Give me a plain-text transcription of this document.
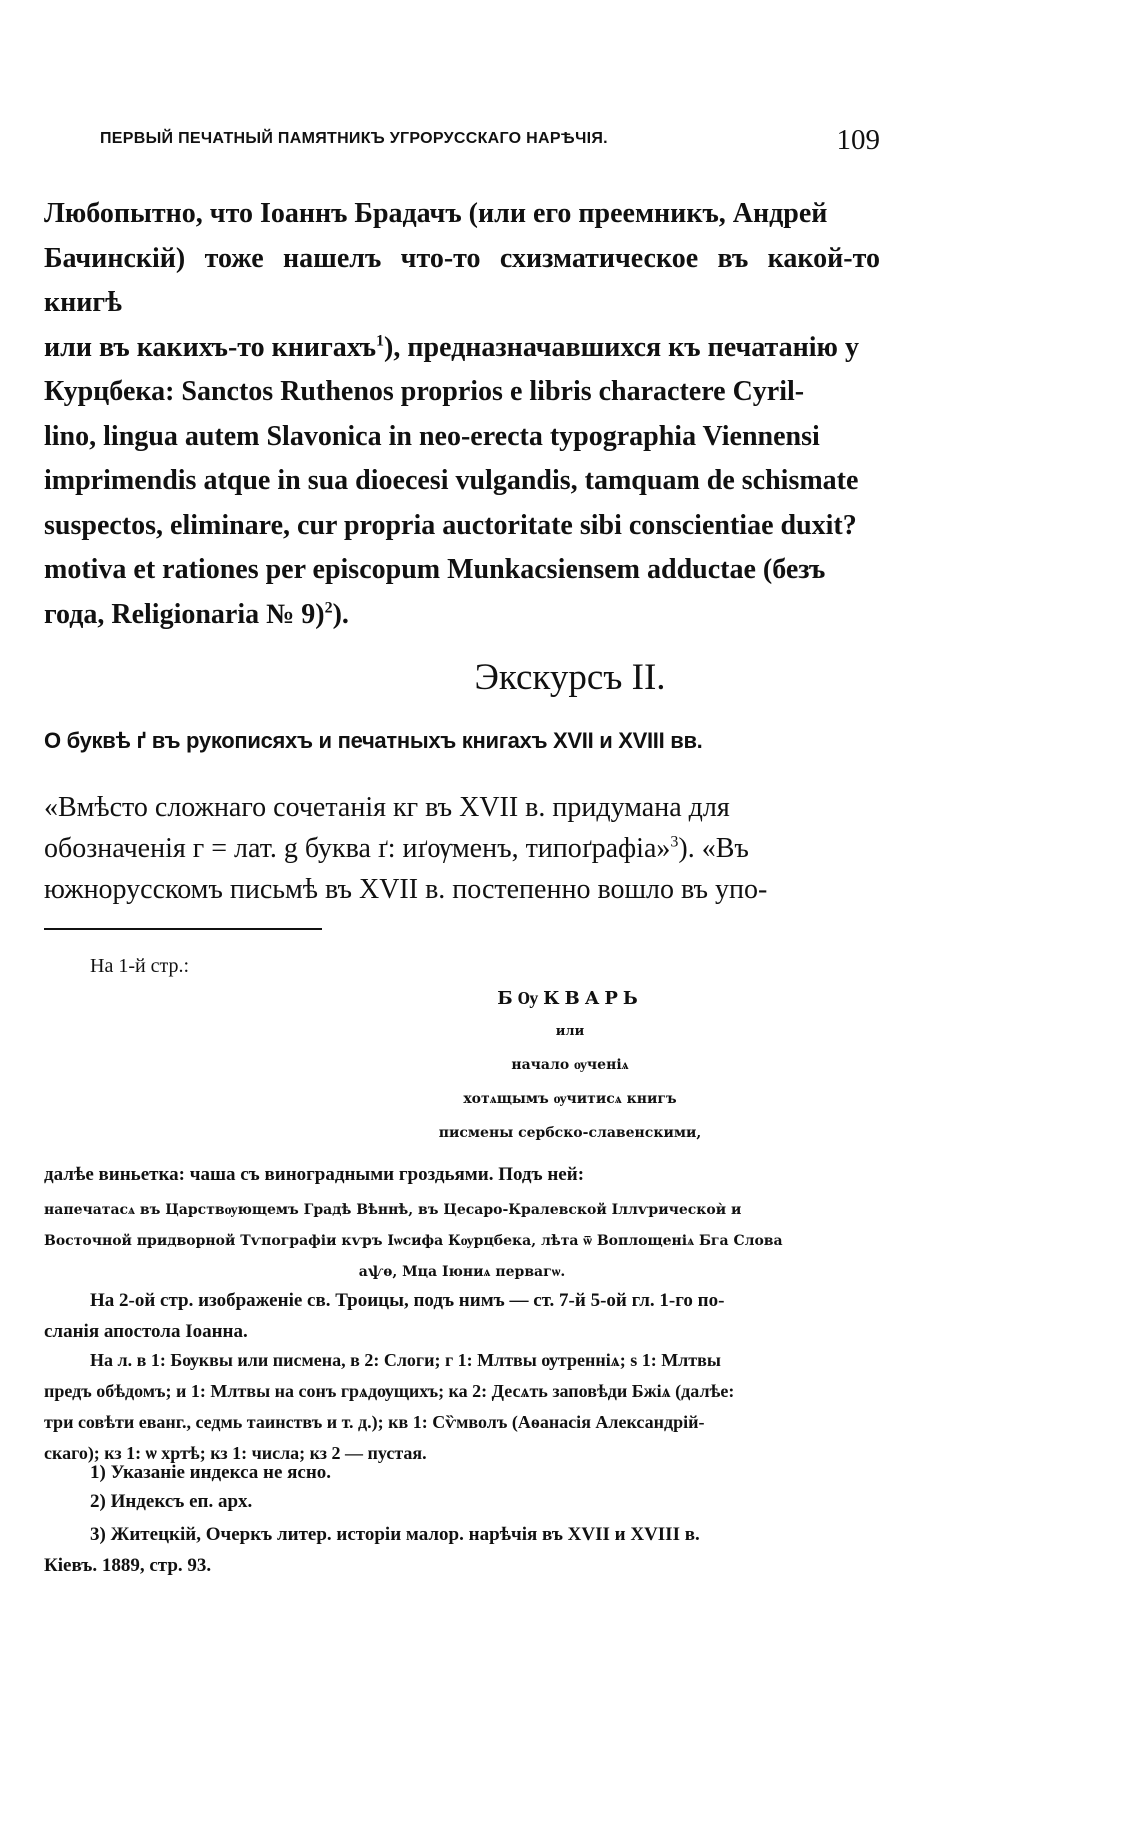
ПЕРВЫЙ ПЕЧАТНЫЙ ПАМЯТНИКЪ УГРОРУССКАГО НАРѢЧІЯ.	109

Любопытно, что Іоаннъ Брадачъ (или его преемникъ, Андрей

Бачинскій) тоже нашелъ что-то схизматическое въ какой-то книгѣ

или въ какихъ-то книгахъ$^1$), предназначавшихся къ печатанію у

Курцбека: Sanctos Ruthenos proprios e libris charactere Cyril-

lino, lingua autem Slavonica in neo-erecta typographia Viennensi

imprimendis atque in sua dioecesi vulgandis, tamquam de schismate

suspectos, eliminare, cur propria auctoritate sibi conscientiae duxit?

motiva et rationes per episcopum Munkacsiensem adductae (безъ

года, Religionaria № 9)$^2$).

Экскурсъ II.
О буквѣ ґ въ рукописяхъ и печатныхъ книгахъ XVII и XVIII вв.

«Вмѣсто сложнаго сочетанія кг въ XVII в. придумана для

обозначенія г = лат. g буква ґ: иґѹменъ, типоґрафіа»$^3$). «Въ

южнорусскомъ письмѣ въ XVII в. постепенно вошло въ упо-

На 1-й стр.:
БѸКВАРЬ
или
начало ѹченіѧ
хотѧщымъ ѹчитисѧ книгъ
писмены сербско-славенскими,

далѣе виньетка: чаша съ виноградными гроздьями. Подъ ней:

напечатасѧ въ Царствѹющемъ Градѣ Вѣннѣ, въ Цесаро-Кралевской Іллѵрическоѝ и

Восточной придворной Тѵпографіи кѵръ Іѡсифа Кѹрцбека, лѣта ѿ Воплощеніѧ Бга Слова

аѱѳ, Мца Іюниѧ первагѡ.

На 2-ой стр. изображеніе св. Троицы, подъ нимъ — ст. 7-й 5-ой гл. 1-го по-

сланія апостола Іоанна.

На л. в 1: Бѹквы или писмена, в 2: Слоги; г 1: Млтвы ѹтренніѧ; ѕ 1: Млтвы

предъ обѣдомъ; и 1: Млтвы на сонъ грѧдѹщихъ; ка 2: Десѧть заповѣди Бжіѧ (далѣе:

три совѣти еванг., седмь таинствъ и т. д.); кв 1: Сѷмволъ (Аѳанасія Александрій-

скаго); кз 1: ѡ хртѣ; кз 1: числа; кз 2 — пустая.

1) Указаніе индекса не ясно.
2) Индексъ еп. арх.

3) Житецкій, Очеркъ литер. исторіи малор. нарѣчія въ XVII и XVIII в.

Кіевъ. 1889, стр. 93.
